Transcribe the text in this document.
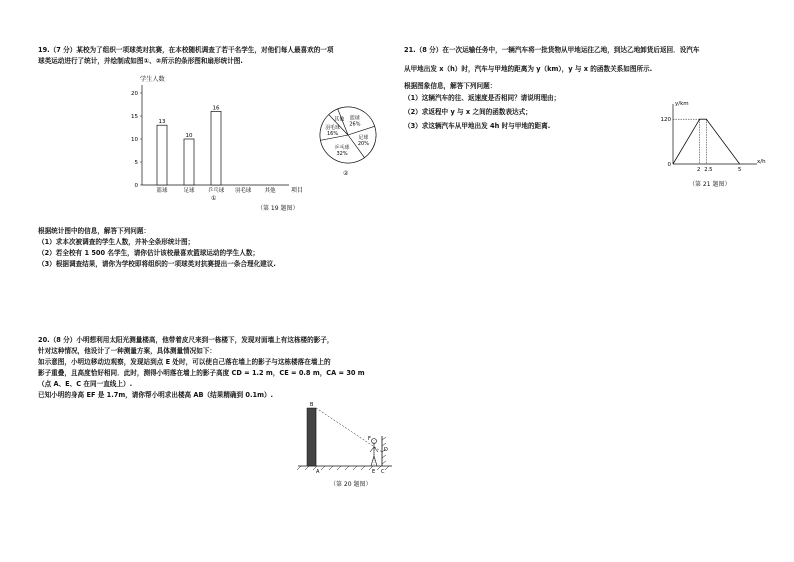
19.（7 分）某校为了组织一项球类对抗赛，在本校随机调查了若干名学生，对他们每人最喜欢的一项
球类运动进行了统计，并绘制成如图①、②所示的条形图和扇形统计图.
学生人数
项目
0
5
10
15
20
篮球
13
足球
10
乒乓球
16
羽毛球 其他
①
篮球
26%
足球
20%
乒乓球
32%
羽毛球
16%
其他
②
（第 19 题图）
根据统计图中的信息，解答下列问题：
（1）求本次被调查的学生人数，并补全条形统计图；
（2）若全校有 1 500 名学生，请你估计该校最喜欢篮球运动的学生人数；
（3）根据调查结果，请你为学校即将组织的一项球类对抗赛提出一条合理化建议.
20.（8 分）小明想利用太阳光测量楼高，他带着皮尺来到一栋楼下，发现对面墙上有这栋楼的影子，
针对这种情况，他设计了一种测量方案，具体测量情况如下：
如示意图，小明边移动边观察，发现站到点 E 处时，可以使自己落在墙上的影子与这栋楼落在墙上的
影子重叠，且高度恰好相同．此时，测得小明落在墙上的影子高度 CD = 1.2 m，CE = 0.8 m，CA = 30 m
（点 A、E、C 在同一直线上）.
已知小明的身高 EF 是 1.7m，请你帮小明求出楼高 AB（结果精确到 0.1m）.
B
F
D
A	E C
（第 20 题图）
21.（8 分）在一次运输任务中，一辆汽车将一批货物从甲地运往乙地，到达乙地卸货后返回．设汽车
从甲地出发 x（h）时，汽车与甲地的距离为 y（km），y 与 x 的函数关系如图所示.
根据图象信息，解答下列问题：
（1）这辆汽车的往、返速度是否相同？请说明理由；
（2）求返程中 y 与 x 之间的函数表达式；
（3）求这辆汽车从甲地出发 4h 时与甲地的距离.
y/km
x/h
120
0
2 2.5	5
（第 21 题图）
